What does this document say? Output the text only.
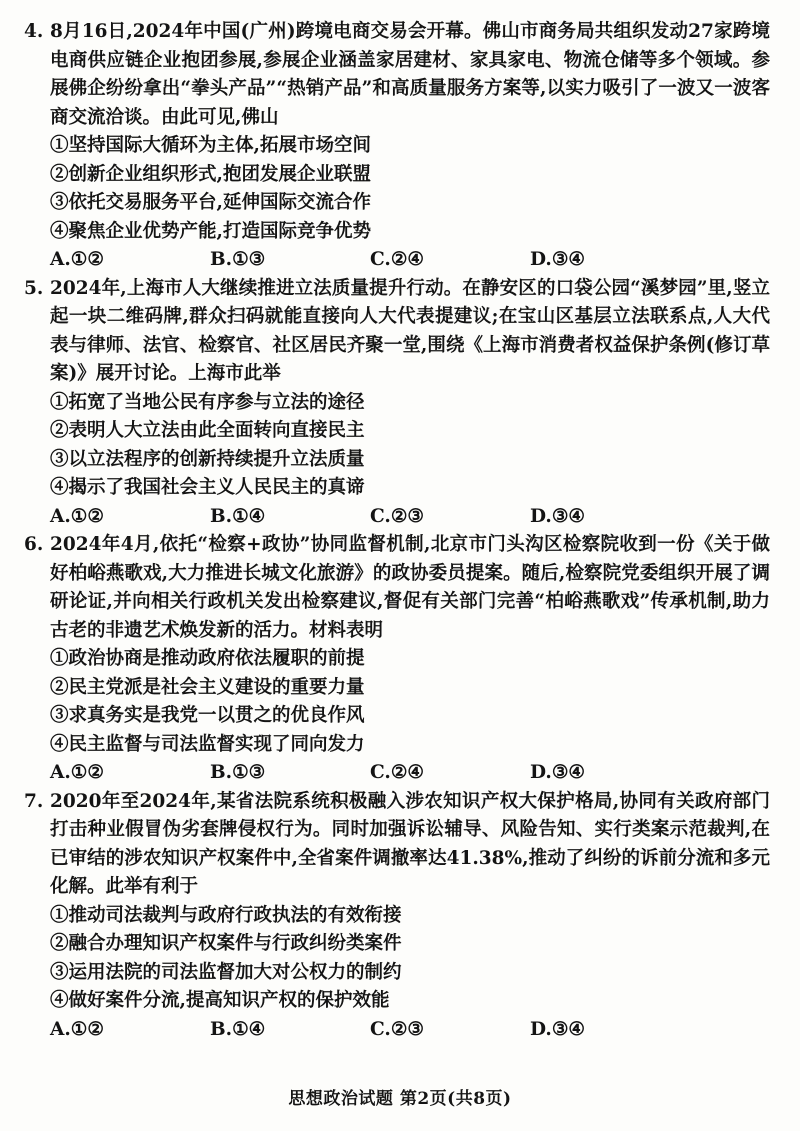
4. 8月16日,2024年中国(广州)跨境电商交易会开幕。佛山市商务局共组织发动27家跨境电商供应链企业抱团参展,参展企业涵盖家居建材、家具家电、物流仓储等多个领域。参展佛企纷纷拿出“拳头产品”“热销产品”和高质量服务方案等,以实力吸引了一波又一波客商交流洽谈。由此可见,佛山

①坚持国际大循环为主体,拓展市场空间

②创新企业组织形式,抱团发展企业联盟

③依托交易服务平台,延伸国际交流合作

④聚焦企业优势产能,打造国际竞争优势

A.①②	B.①③	C.②④	D.③④

5. 2024年,上海市人大继续推进立法质量提升行动。在静安区的口袋公园“溪梦园”里,竖立起一块二维码牌,群众扫码就能直接向人大代表提建议;在宝山区基层立法联系点,人大代表与律师、法官、检察官、社区居民齐聚一堂,围绕《上海市消费者权益保护条例(修订草案)》展开讨论。上海市此举

①拓宽了当地公民有序参与立法的途径

②表明人大立法由此全面转向直接民主

③以立法程序的创新持续提升立法质量

④揭示了我国社会主义人民民主的真谛

A.①②	B.①④	C.②③	D.③④

6. 2024年4月,依托“检察+政协”协同监督机制,北京市门头沟区检察院收到一份《关于做好柏峪燕歌戏,大力推进长城文化旅游》的政协委员提案。随后,检察院党委组织开展了调研论证,并向相关行政机关发出检察建议,督促有关部门完善“柏峪燕歌戏”传承机制,助力古老的非遗艺术焕发新的活力。材料表明

①政治协商是推动政府依法履职的前提

②民主党派是社会主义建设的重要力量

③求真务实是我党一以贯之的优良作风

④民主监督与司法监督实现了同向发力

A.①②	B.①③	C.②④	D.③④

7. 2020年至2024年,某省法院系统积极融入涉农知识产权大保护格局,协同有关政府部门打击种业假冒伪劣套牌侵权行为。同时加强诉讼辅导、风险告知、实行类案示范裁判,在已审结的涉农知识产权案件中,全省案件调撤率达41.38%,推动了纠纷的诉前分流和多元化解。此举有利于

①推动司法裁判与政府行政执法的有效衔接

②融合办理知识产权案件与行政纠纷类案件

③运用法院的司法监督加大对公权力的制约

④做好案件分流,提高知识产权的保护效能

A.①②	B.①④	C.②③	D.③④
思想政治试题 第2页(共8页)
